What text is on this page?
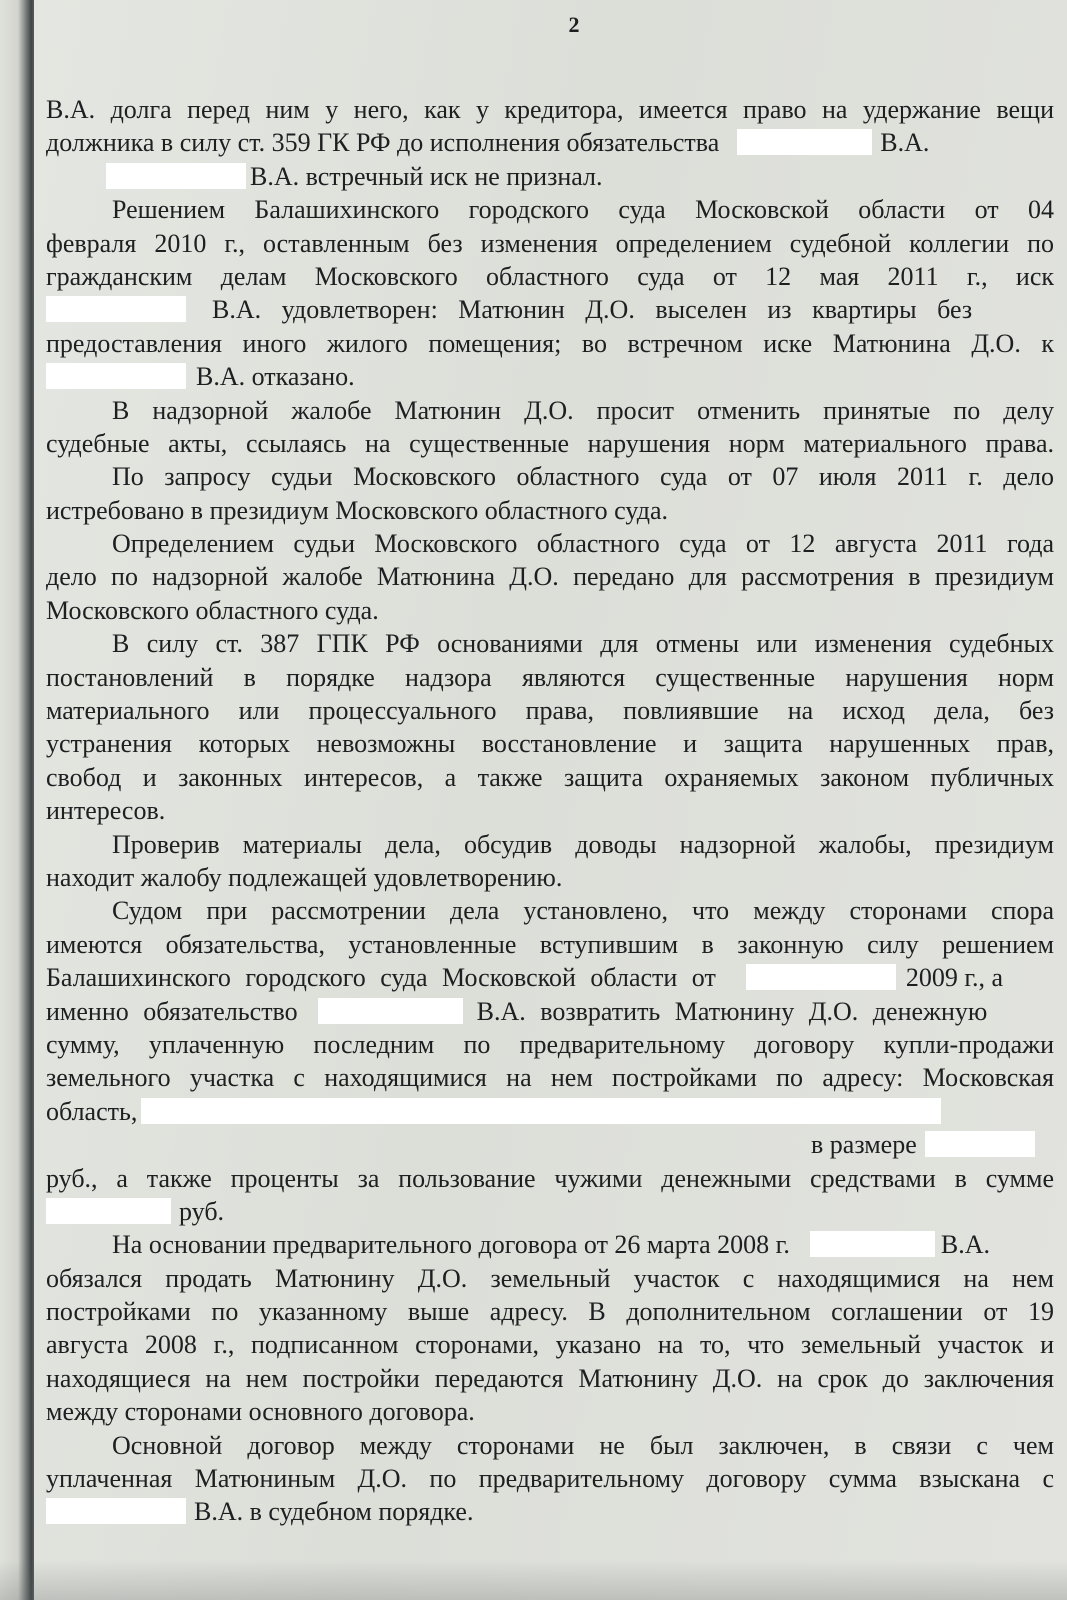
2
В.А. долга перед ним у него, как у кредитора, имеется право на удержание вещи
должника в силу ст. 359 ГК РФ до исполнения обязательства	В.А.
В.А. встречный иск не признал.
Решением Балашихинского городского суда Московской области от 04
февраля 2010 г., оставленным без изменения определением судебной коллегии по
гражданским делам Московского областного суда от 12 мая 2011 г., иск
В.А. удовлетворен: Матюнин Д.О. выселен из квартиры без
предоставления иного жилого помещения; во встречном иске Матюнина Д.О. к
В.А. отказано.
В надзорной жалобе Матюнин Д.О. просит отменить принятые по делу
судебные акты, ссылаясь на существенные нарушения норм материального права.
По запросу судьи Московского областного суда от 07 июля 2011 г. дело
истребовано в президиум Московского областного суда.
Определением судьи Московского областного суда от 12 августа 2011 года
дело по надзорной жалобе Матюнина Д.О. передано для рассмотрения в президиум
Московского областного суда.
В силу ст. 387 ГПК РФ основаниями для отмены или изменения судебных
постановлений в порядке надзора являются существенные нарушения норм
материального или процессуального права, повлиявшие на исход дела, без
устранения которых невозможны восстановление и защита нарушенных прав,
свобод и законных интересов, а также защита охраняемых законом публичных
интересов.
Проверив материалы дела, обсудив доводы надзорной жалобы, президиум
находит жалобу подлежащей удовлетворению.
Судом при рассмотрении дела установлено, что между сторонами спора
имеются обязательства, установленные вступившим в законную силу решением
Балашихинского городского суда Московской области от	2009 г., а
именно обязательство	В.А. возвратить Матюнину Д.О. денежную
сумму, уплаченную последним по предварительному договору купли-продажи
земельного участка с находящимися на нем постройками по адресу: Московская
область,
в размере
руб., а также проценты за пользование чужими денежными средствами в сумме
руб.
На основании предварительного договора от 26 марта 2008 г.	В.А.
обязался продать Матюнину Д.О. земельный участок с находящимися на нем
постройками по указанному выше адресу. В дополнительном соглашении от 19
августа 2008 г., подписанном сторонами, указано на то, что земельный участок и
находящиеся на нем постройки передаются Матюнину Д.О. на срок до заключения
между сторонами основного договора.
Основной договор между сторонами не был заключен, в связи с чем
уплаченная Матюниным Д.О. по предварительному договору сумма взыскана с
В.А. в судебном порядке.
